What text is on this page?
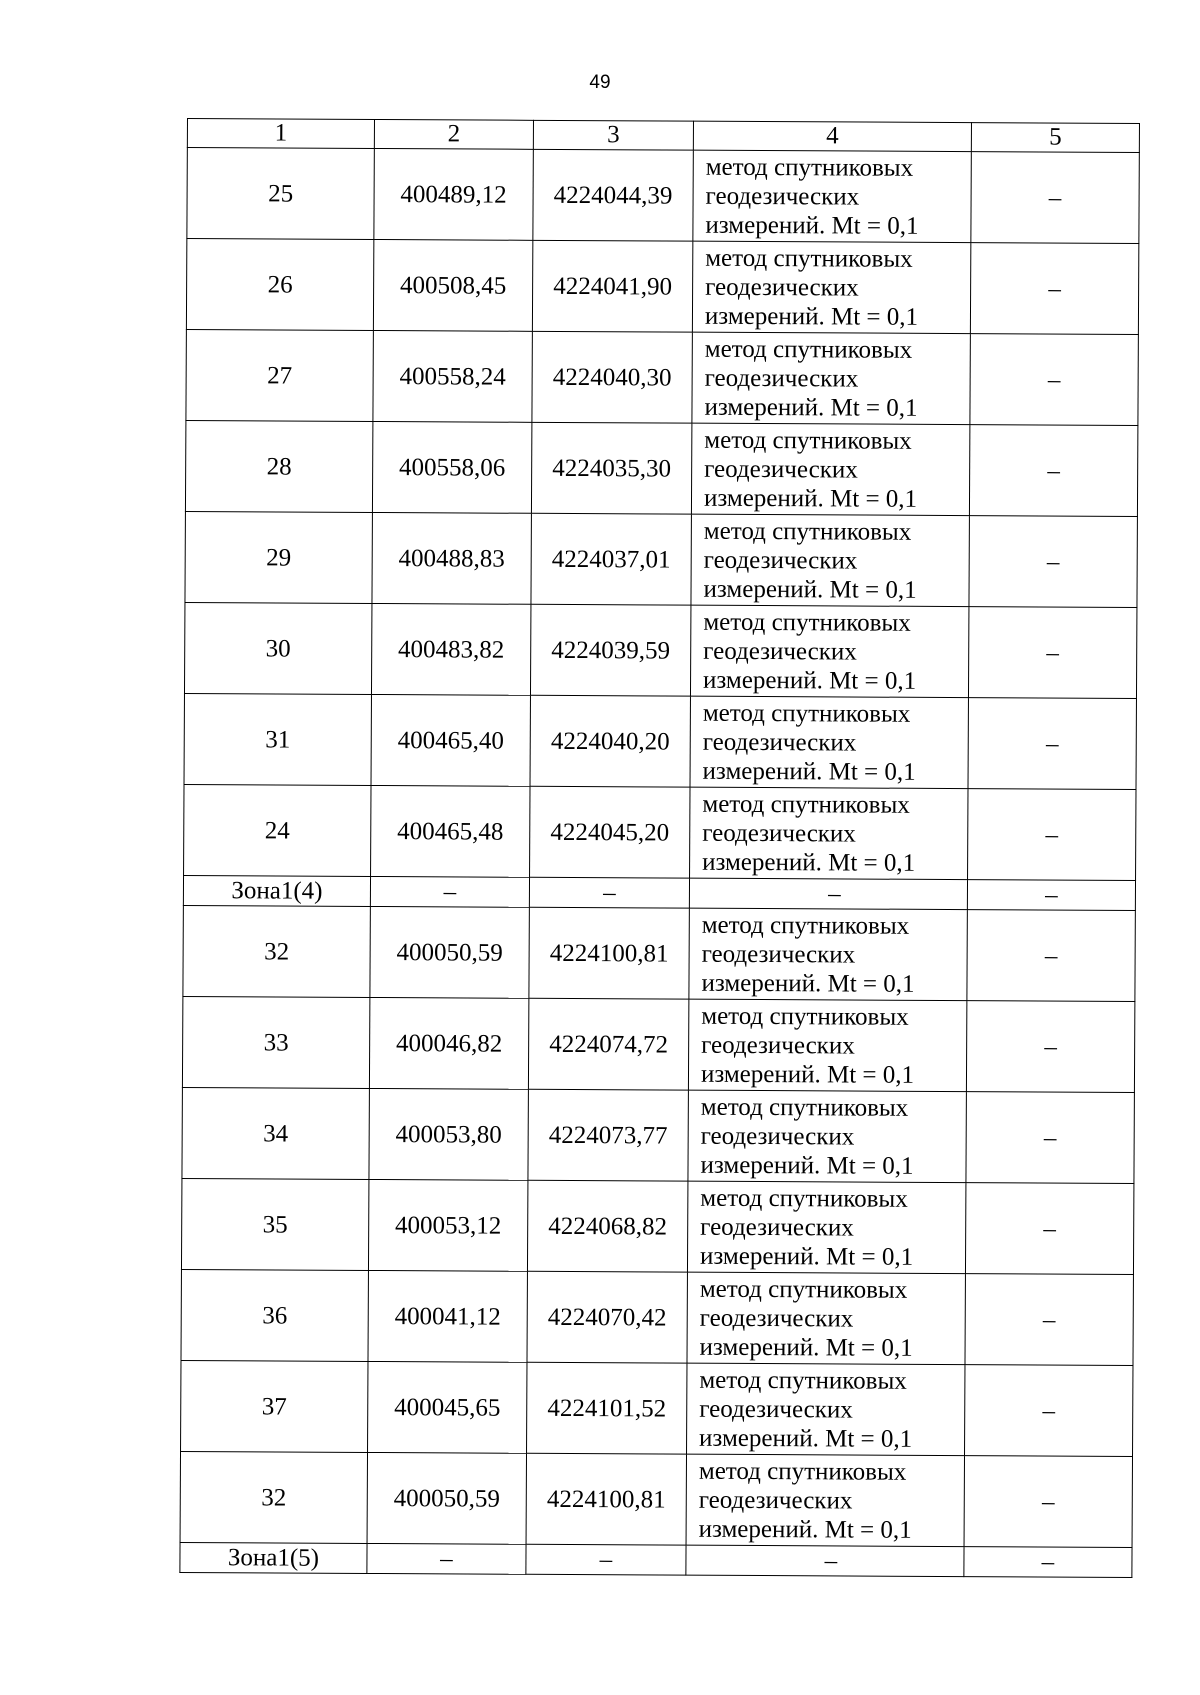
49
1	2	3	4	5
25	400489,12	4224044,39	метод спутниковых
геодезических
измерений. Mt = 0,1	–
26	400508,45	4224041,90	метод спутниковых
геодезических
измерений. Mt = 0,1	–
27	400558,24	4224040,30	метод спутниковых
геодезических
измерений. Mt = 0,1	–
28	400558,06	4224035,30	метод спутниковых
геодезических
измерений. Mt = 0,1	–
29	400488,83	4224037,01	метод спутниковых
геодезических
измерений. Mt = 0,1	–
30	400483,82	4224039,59	метод спутниковых
геодезических
измерений. Mt = 0,1	–
31	400465,40	4224040,20	метод спутниковых
геодезических
измерений. Mt = 0,1	–
24	400465,48	4224045,20	метод спутниковых
геодезических
измерений. Mt = 0,1	–
Зона1(4)	–	–	–	–
32	400050,59	4224100,81	метод спутниковых
геодезических
измерений. Mt = 0,1	–
33	400046,82	4224074,72	метод спутниковых
геодезических
измерений. Mt = 0,1	–
34	400053,80	4224073,77	метод спутниковых
геодезических
измерений. Mt = 0,1	–
35	400053,12	4224068,82	метод спутниковых
геодезических
измерений. Mt = 0,1	–
36	400041,12	4224070,42	метод спутниковых
геодезических
измерений. Mt = 0,1	–
37	400045,65	4224101,52	метод спутниковых
геодезических
измерений. Mt = 0,1	–
32	400050,59	4224100,81	метод спутниковых
геодезических
измерений. Mt = 0,1	–
Зона1(5)	–	–	–	–
